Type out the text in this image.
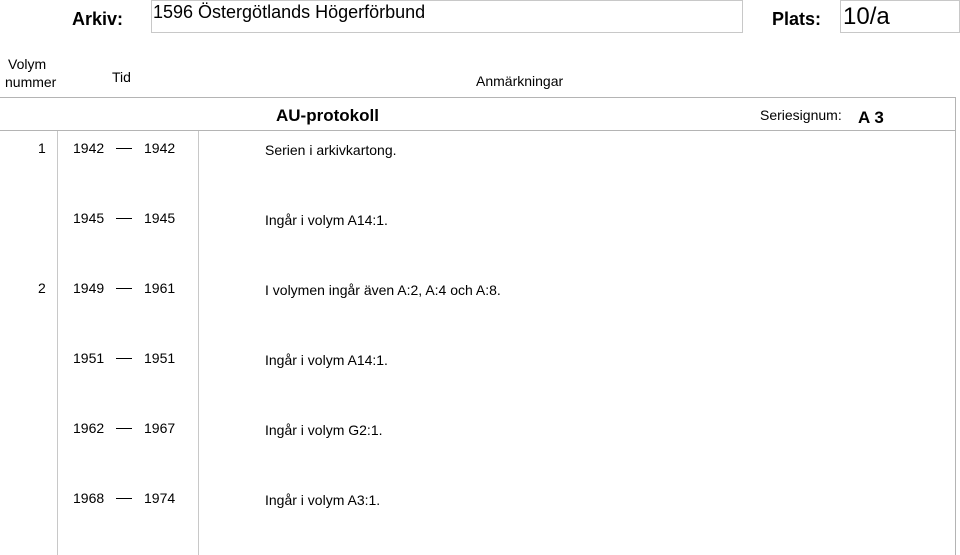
Arkiv: 1596 Östergötlands Högerförbund	Plats: 10/a
Volym
nummer	Tid	Anmärkningar
AU-protokoll	Seriesignum: A 3
1 1942	1942	Serien i arkivkartong.
1945	1945	Ingår i volym A14:1.
2 1949	1961	I volymen ingår även A:2, A:4 och A:8.
1951	1951	Ingår i volym A14:1.
1962	1967	Ingår i volym G2:1.
1968	1974	Ingår i volym A3:1.
